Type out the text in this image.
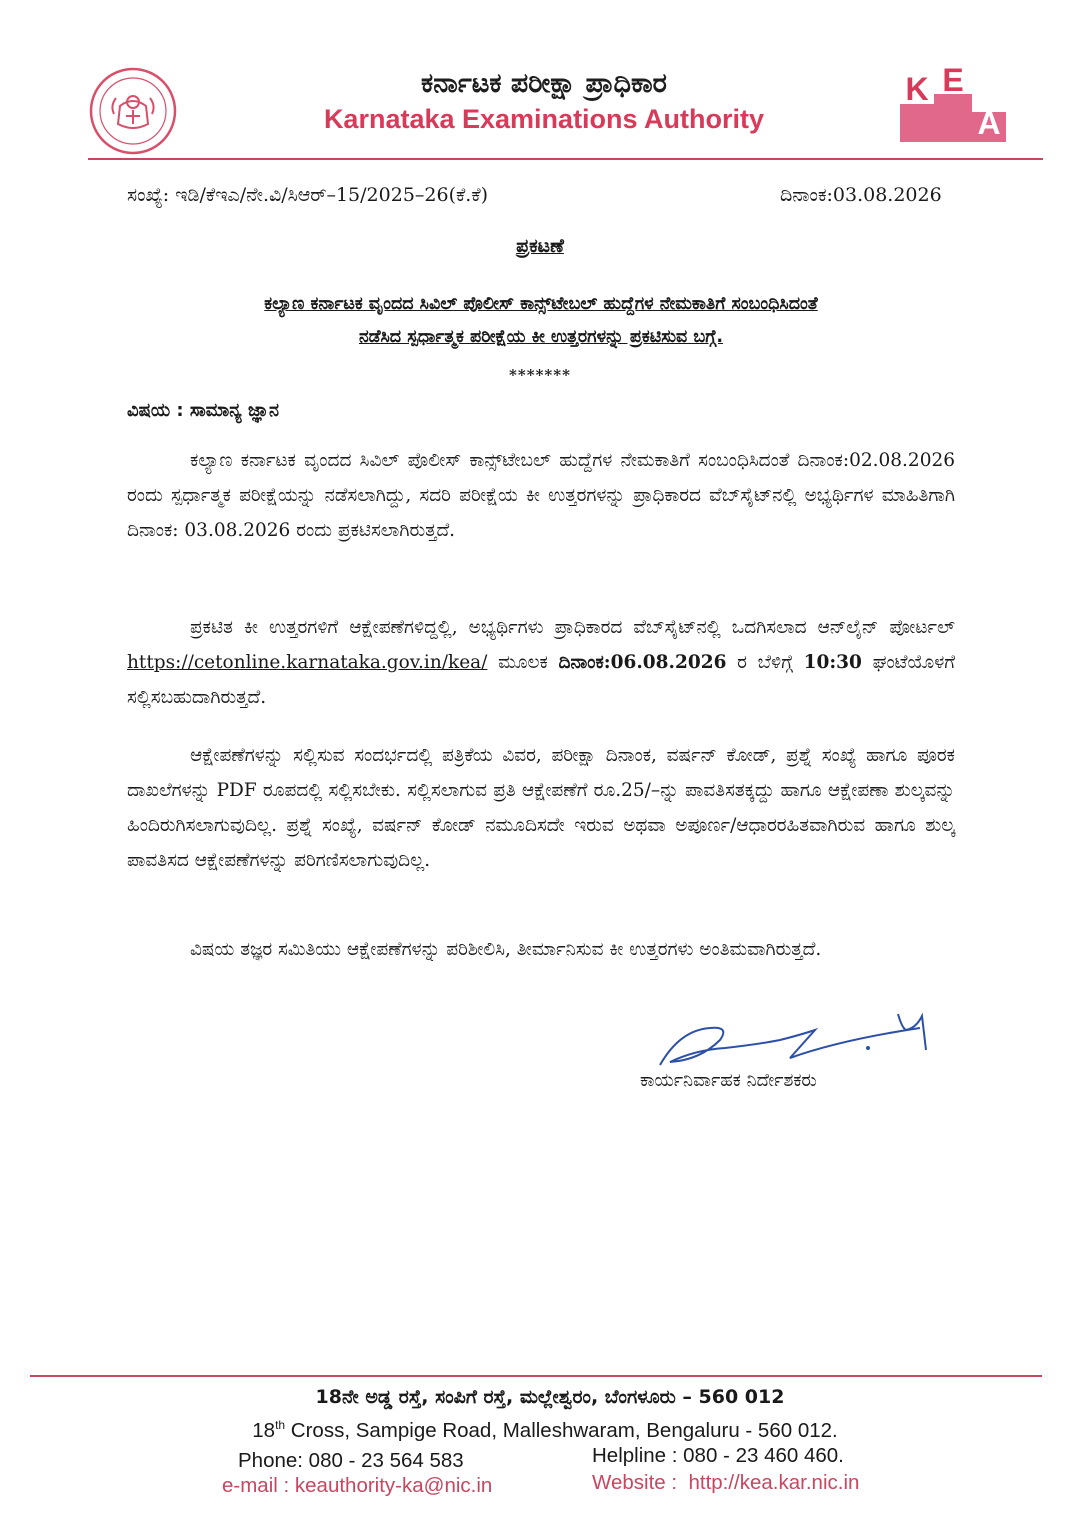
ಕರ್ನಾಟಕ ಪರೀಕ್ಷಾ ಪ್ರಾಧಿಕಾರ
Karnataka Examinations Authority
K E
A
ಸಂಖ್ಯೆ: ಇಡಿ/ಕೆಇಎ/ನೇ.ವಿ/ಸಿಆರ್–15/2025–26(ಕೆ.ಕೆ)	ದಿನಾಂಕ:03.08.2026
ಪ್ರಕಟಣೆ
ಕಲ್ಯಾಣ ಕರ್ನಾಟಕ ವೃಂದದ ಸಿವಿಲ್ ಪೊಲೀಸ್ ಕಾನ್ಸ್‌ಟೇಬಲ್ ಹುದ್ದೆಗಳ ನೇಮಕಾತಿಗೆ ಸಂಬಂಧಿಸಿದಂತೆ
ನಡೆಸಿದ ಸ್ಪರ್ಧಾತ್ಮಕ ಪರೀಕ್ಷೆಯ ಕೀ ಉತ್ತರಗಳನ್ನು ಪ್ರಕಟಿಸುವ ಬಗ್ಗೆ.
*******
ವಿಷಯ : ಸಾಮಾನ್ಯ ಜ್ಞಾನ
ಕಲ್ಯಾಣ ಕರ್ನಾಟಕ ವೃಂದದ ಸಿವಿಲ್ ಪೊಲೀಸ್ ಕಾನ್ಸ್‌ಟೇಬಲ್ ಹುದ್ದೆಗಳ ನೇಮಕಾತಿಗೆ ಸಂಬಂಧಿಸಿದಂತೆ ದಿನಾಂಕ:02.08.2026 ರಂದು ಸ್ಪರ್ಧಾತ್ಮಕ ಪರೀಕ್ಷೆಯನ್ನು ನಡೆಸಲಾಗಿದ್ದು, ಸದರಿ ಪರೀಕ್ಷೆಯ ಕೀ ಉತ್ತರಗಳನ್ನು ಪ್ರಾಧಿಕಾರದ ವೆಬ್‌ಸೈಟ್‌ನಲ್ಲಿ ಅಭ್ಯರ್ಥಿಗಳ ಮಾಹಿತಿಗಾಗಿ ದಿನಾಂಕ: 03.08.2026 ರಂದು ಪ್ರಕಟಿಸಲಾಗಿರುತ್ತದೆ.
ಪ್ರಕಟಿತ ಕೀ ಉತ್ತರಗಳಿಗೆ ಆಕ್ಷೇಪಣೆಗಳಿದ್ದಲ್ಲಿ, ಅಭ್ಯರ್ಥಿಗಳು ಪ್ರಾಧಿಕಾರದ ವೆಬ್‌ಸೈಟ್‌ನಲ್ಲಿ ಒದಗಿಸಲಾದ ಆನ್‌ಲೈನ್ ಪೋರ್ಟಲ್ https://cetonline.karnataka.gov.in/kea/ ಮೂಲಕ ದಿನಾಂಕ:06.08.2026 ರ ಬೆಳಿಗ್ಗೆ 10:30 ಘಂಟೆಯೊಳಗೆ ಸಲ್ಲಿಸಬಹುದಾಗಿರುತ್ತದೆ.
ಆಕ್ಷೇಪಣೆಗಳನ್ನು ಸಲ್ಲಿಸುವ ಸಂದರ್ಭದಲ್ಲಿ ಪತ್ರಿಕೆಯ ವಿವರ, ಪರೀಕ್ಷಾ ದಿನಾಂಕ, ವರ್ಷನ್ ಕೋಡ್, ಪ್ರಶ್ನೆ ಸಂಖ್ಯೆ ಹಾಗೂ ಪೂರಕ ದಾಖಲೆಗಳನ್ನು PDF ರೂಪದಲ್ಲಿ ಸಲ್ಲಿಸಬೇಕು. ಸಲ್ಲಿಸಲಾಗುವ ಪ್ರತಿ ಆಕ್ಷೇಪಣೆಗೆ ರೂ.25/–ನ್ನು ಪಾವತಿಸತಕ್ಕದ್ದು ಹಾಗೂ ಆಕ್ಷೇಪಣಾ ಶುಲ್ಕವನ್ನು ಹಿಂದಿರುಗಿಸಲಾಗುವುದಿಲ್ಲ. ಪ್ರಶ್ನೆ ಸಂಖ್ಯೆ, ವರ್ಷನ್ ಕೋಡ್ ನಮೂದಿಸದೇ ಇರುವ ಅಥವಾ ಅಪೂರ್ಣ/ಆಧಾರರಹಿತವಾಗಿರುವ ಹಾಗೂ ಶುಲ್ಕ ಪಾವತಿಸದ ಆಕ್ಷೇಪಣೆಗಳನ್ನು ಪರಿಗಣಿಸಲಾಗುವುದಿಲ್ಲ.
ವಿಷಯ ತಜ್ಞರ ಸಮಿತಿಯು ಆಕ್ಷೇಪಣೆಗಳನ್ನು ಪರಿಶೀಲಿಸಿ, ತೀರ್ಮಾನಿಸುವ ಕೀ ಉತ್ತರಗಳು ಅಂತಿಮವಾಗಿರುತ್ತದೆ.
ಕಾರ್ಯನಿರ್ವಾಹಕ ನಿರ್ದೇಶಕರು
18ನೇ ಅಡ್ಡ ರಸ್ತೆ, ಸಂಪಿಗೆ ರಸ್ತೆ, ಮಲ್ಲೇಶ್ವರಂ, ಬೆಂಗಳೂರು – 560 012
18th Cross, Sampige Road, Malleshwaram, Bengaluru - 560 012.
Phone: 080 - 23 564 583	Helpline : 080 - 23 460 460.
e-mail : keauthority-ka@nic.in	Website :  http://kea.kar.nic.in
